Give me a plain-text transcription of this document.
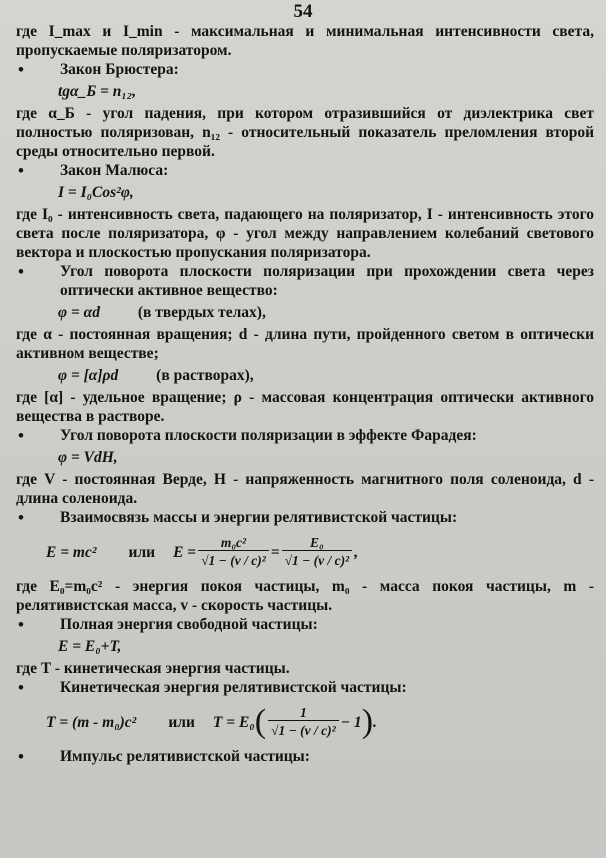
54

где I_max и I_min - максимальная и минимальная интенсивности света, пропускаемые поляризатором.

• Закон Брюстера:

tgα_Б = n₁₂,

где α_Б - угол падения, при котором отразившийся от диэлектрика свет полностью поляризован, n₁₂ - относительный показатель преломления второй среды относительно первой.

• Закон Малюса:

I = I₀Cos²φ,

где I₀ - интенсивность света, падающего на поляризатор, I - интенсивность этого света после поляризатора, φ - угол между направлением колебаний светового вектора и плоскостью пропускания поляризатора.

• Угол поворота плоскости поляризации при прохождении света через оптически активное вещество:

φ = αd (в твердых телах),

где α - постоянная вращения; d - длина пути, пройденного светом в оптически активном веществе;

φ = [α]ρd (в растворах),

где [α] - удельное вращение; ρ - массовая концентрация оптически активного вещества в растворе.

• Угол поворота плоскости поляризации в эффекте Фарадея:

φ = VdH,

где V - постоянная Верде, H - напряженность магнитного поля соленоида, d - длина соленоида.

• Взаимосвязь массы и энергии релятивистской частицы:

E = mc² или $E = \frac{\text{m₀c²}}{\text{√1 − (v / c)²}} = \frac{\text{E₀}}{\text{√1 − (v / c)²}}$ ,

где E₀=m₀c² - энергия покоя частицы, m₀ - масса покоя частицы, m - релятивистская масса, v - скорость частицы.

• Полная энергия свободной частицы:

E = E₀+T,

где T - кинетическая энергия частицы.

• Кинетическая энергия релятивистской частицы:

T = (m - m₀)c² или T = E₀ ( $\frac{1}{\text{√1 − (v / c)²}} - 1$ ) .

• Импульс релятивистской частицы:
